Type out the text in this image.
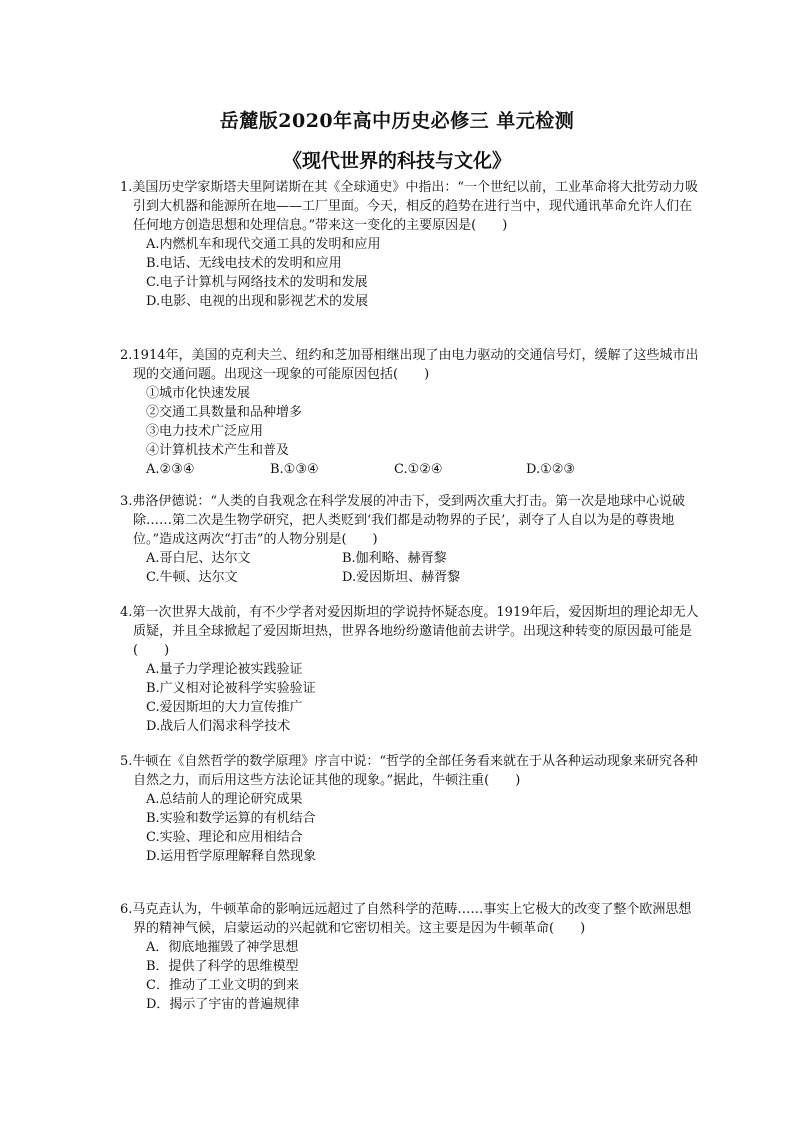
岳麓版2020年高中历史必修三 单元检测
《现代世界的科技与文化》

1.美国历史学家斯塔夫里阿诺斯在其《全球通史》中指出：“一个世纪以前，工业革命将大批劳动力吸引到大机器和能源所在地——工厂里面。今天，相反的趋势在进行当中，现代通讯革命允许人们在任何地方创造思想和处理信息。”带来这一变化的主要原因是(　　)

A.内燃机车和现代交通工具的发明和应用

B.电话、无线电技术的发明和应用

C.电子计算机与网络技术的发明和发展

D.电影、电视的出现和影视艺术的发展

2.1914年，美国的克利夫兰、纽约和芝加哥相继出现了由电力驱动的交通信号灯，缓解了这些城市出现的交通问题。出现这一现象的可能原因包括(　　)

①城市化快速发展

②交通工具数量和品种增多

③电力技术广泛应用

④计算机技术产生和普及

A.②③④	B.①③④	C.①②④	D.①②③

3.弗洛伊德说：“人类的自我观念在科学发展的冲击下，受到两次重大打击。第一次是地球中心说破除……第二次是生物学研究，把人类贬到‘我们都是动物界的子民’，剥夺了人自以为是的尊贵地位。”造成这两次“打击”的人物分别是(　　)

A.哥白尼、达尔文	B.伽利略、赫胥黎

C.牛顿、达尔文	D.爱因斯坦、赫胥黎

4.第一次世界大战前，有不少学者对爱因斯坦的学说持怀疑态度。1919年后，爱因斯坦的理论却无人质疑，并且全球掀起了爱因斯坦热，世界各地纷纷邀请他前去讲学。出现这种转变的原因最可能是(　　)

A.量子力学理论被实践验证

B.广义相对论被科学实验验证

C.爱因斯坦的大力宣传推广

D.战后人们渴求科学技术

5.牛顿在《自然哲学的数学原理》序言中说：“哲学的全部任务看来就在于从各种运动现象来研究各种自然之力，而后用这些方法论证其他的现象。”据此，牛顿注重(　　)

A.总结前人的理论研究成果

B.实验和数学运算的有机结合

C.实验、理论和应用相结合

D.运用哲学原理解释自然现象

6.马克垚认为，牛顿革命的影响远远超过了自然科学的范畴……事实上它极大的改变了整个欧洲思想界的精神气候，启蒙运动的兴起就和它密切相关。这主要是因为牛顿革命(　　)

A．彻底地摧毁了神学思想

B．提供了科学的思维模型

C．推动了工业文明的到来

D．揭示了宇宙的普遍规律
